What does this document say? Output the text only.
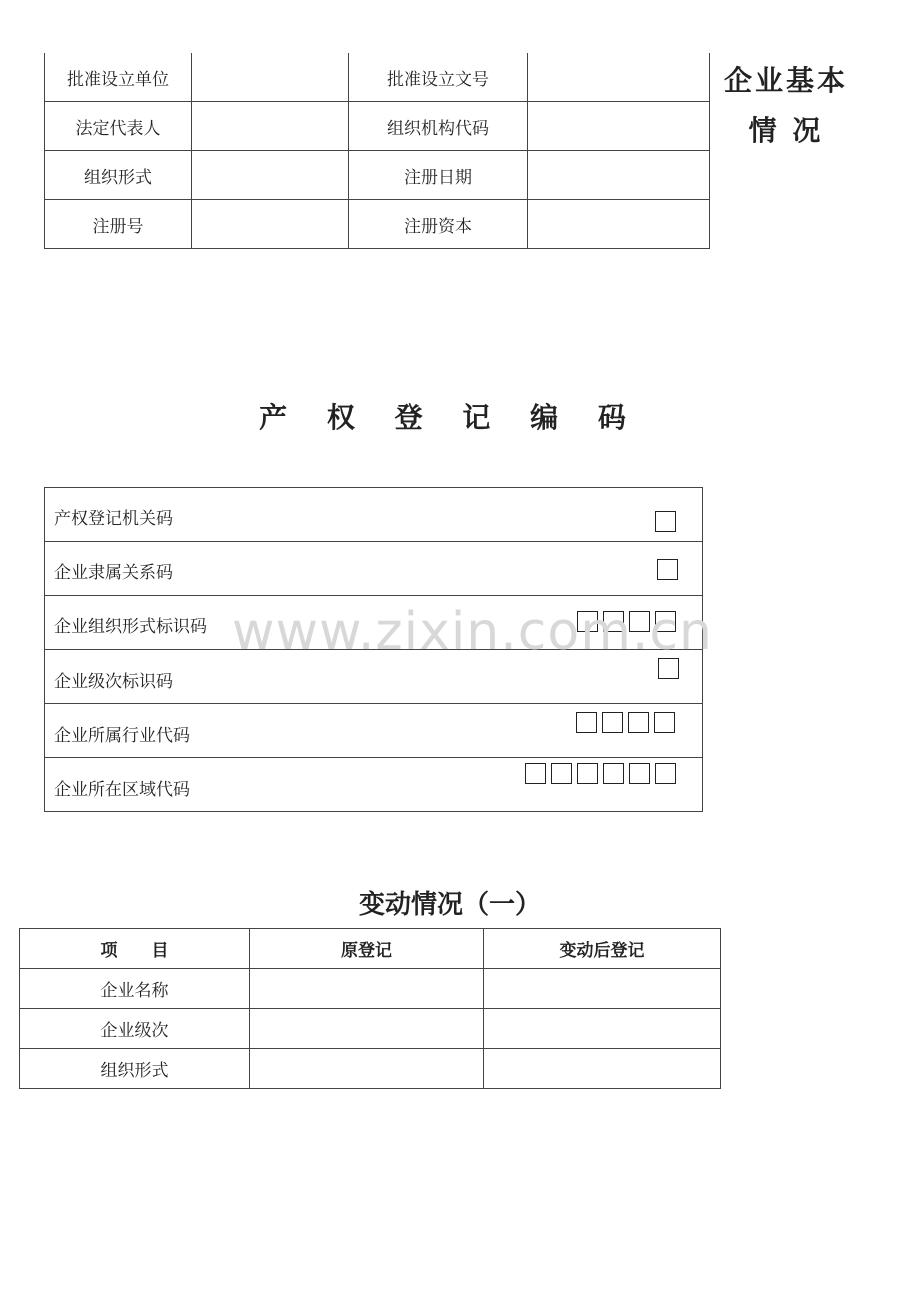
批准设立单位		批准设立文号	
法定代表人		组织机构代码	
组织形式		注册日期	
注册号		注册资本	
企业基本
情 况
产 权 登 记 编 码
产权登记机关码
企业隶属关系码
企业组织形式标识码
企业级次标识码
企业所属行业代码
企业所在区域代码
www.zixin.com.cn
变动情况（一）
项　　目	原登记	变动后登记
企业名称		
企业级次		
组织形式		
